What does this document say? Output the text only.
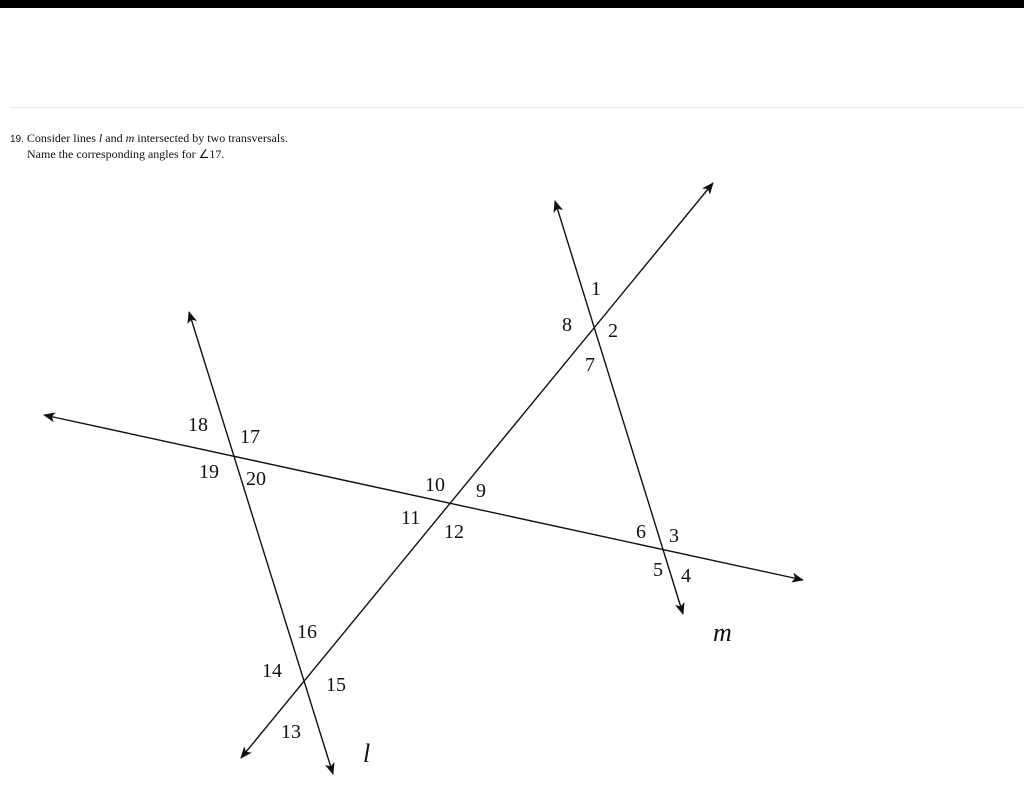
19. Consider lines l and m intersected by two transversals.
Name the corresponding angles for ∠17.
1
2
3
4
5
6
7
8
9
10
11
12
13
14
15
16
17
18
19 20
l
m
